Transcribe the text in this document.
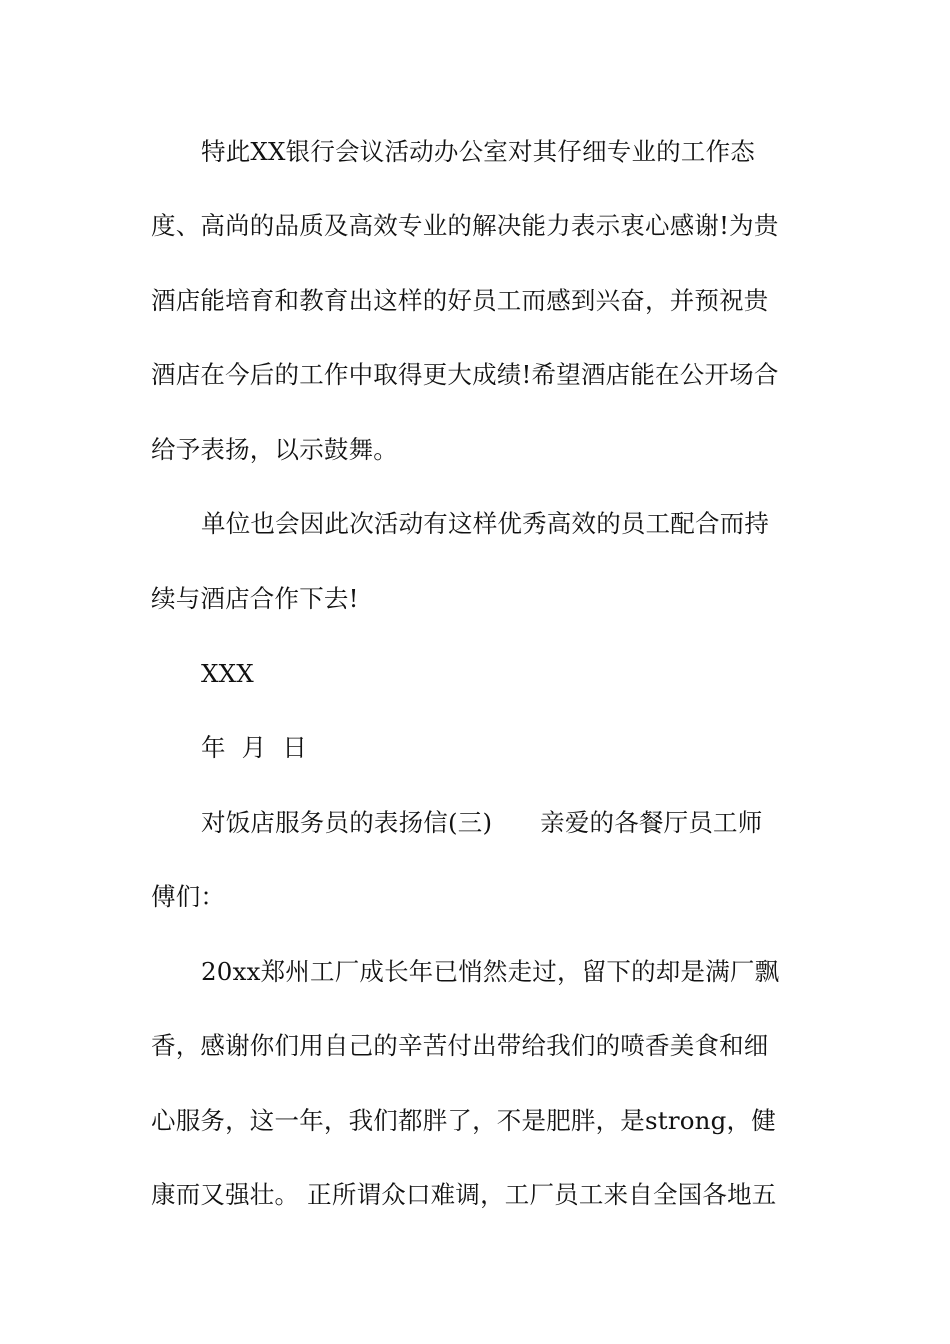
特此XX银行会议活动办公室对其仔细专业的工作态
度、高尚的品质及高效专业的解决能力表示衷心感谢!为贵
酒店能培育和教育出这样的好员工而感到兴奋，并预祝贵
酒店在今后的工作中取得更大成绩!希望酒店能在公开场合
给予表扬，以示鼓舞。
单位也会因此次活动有这样优秀高效的员工配合而持
续与酒店合作下去!
XXX
年  月  日
对饭店服务员的表扬信(三)      亲爱的各餐厅员工师
傅们：
20xx郑州工厂成长年已悄然走过，留下的却是满厂飘
香，感谢你们用自己的辛苦付出带给我们的喷香美食和细
心服务，这一年，我们都胖了，不是肥胖，是strong，健
康而又强壮。 正所谓众口难调，工厂员工来自全国各地五
